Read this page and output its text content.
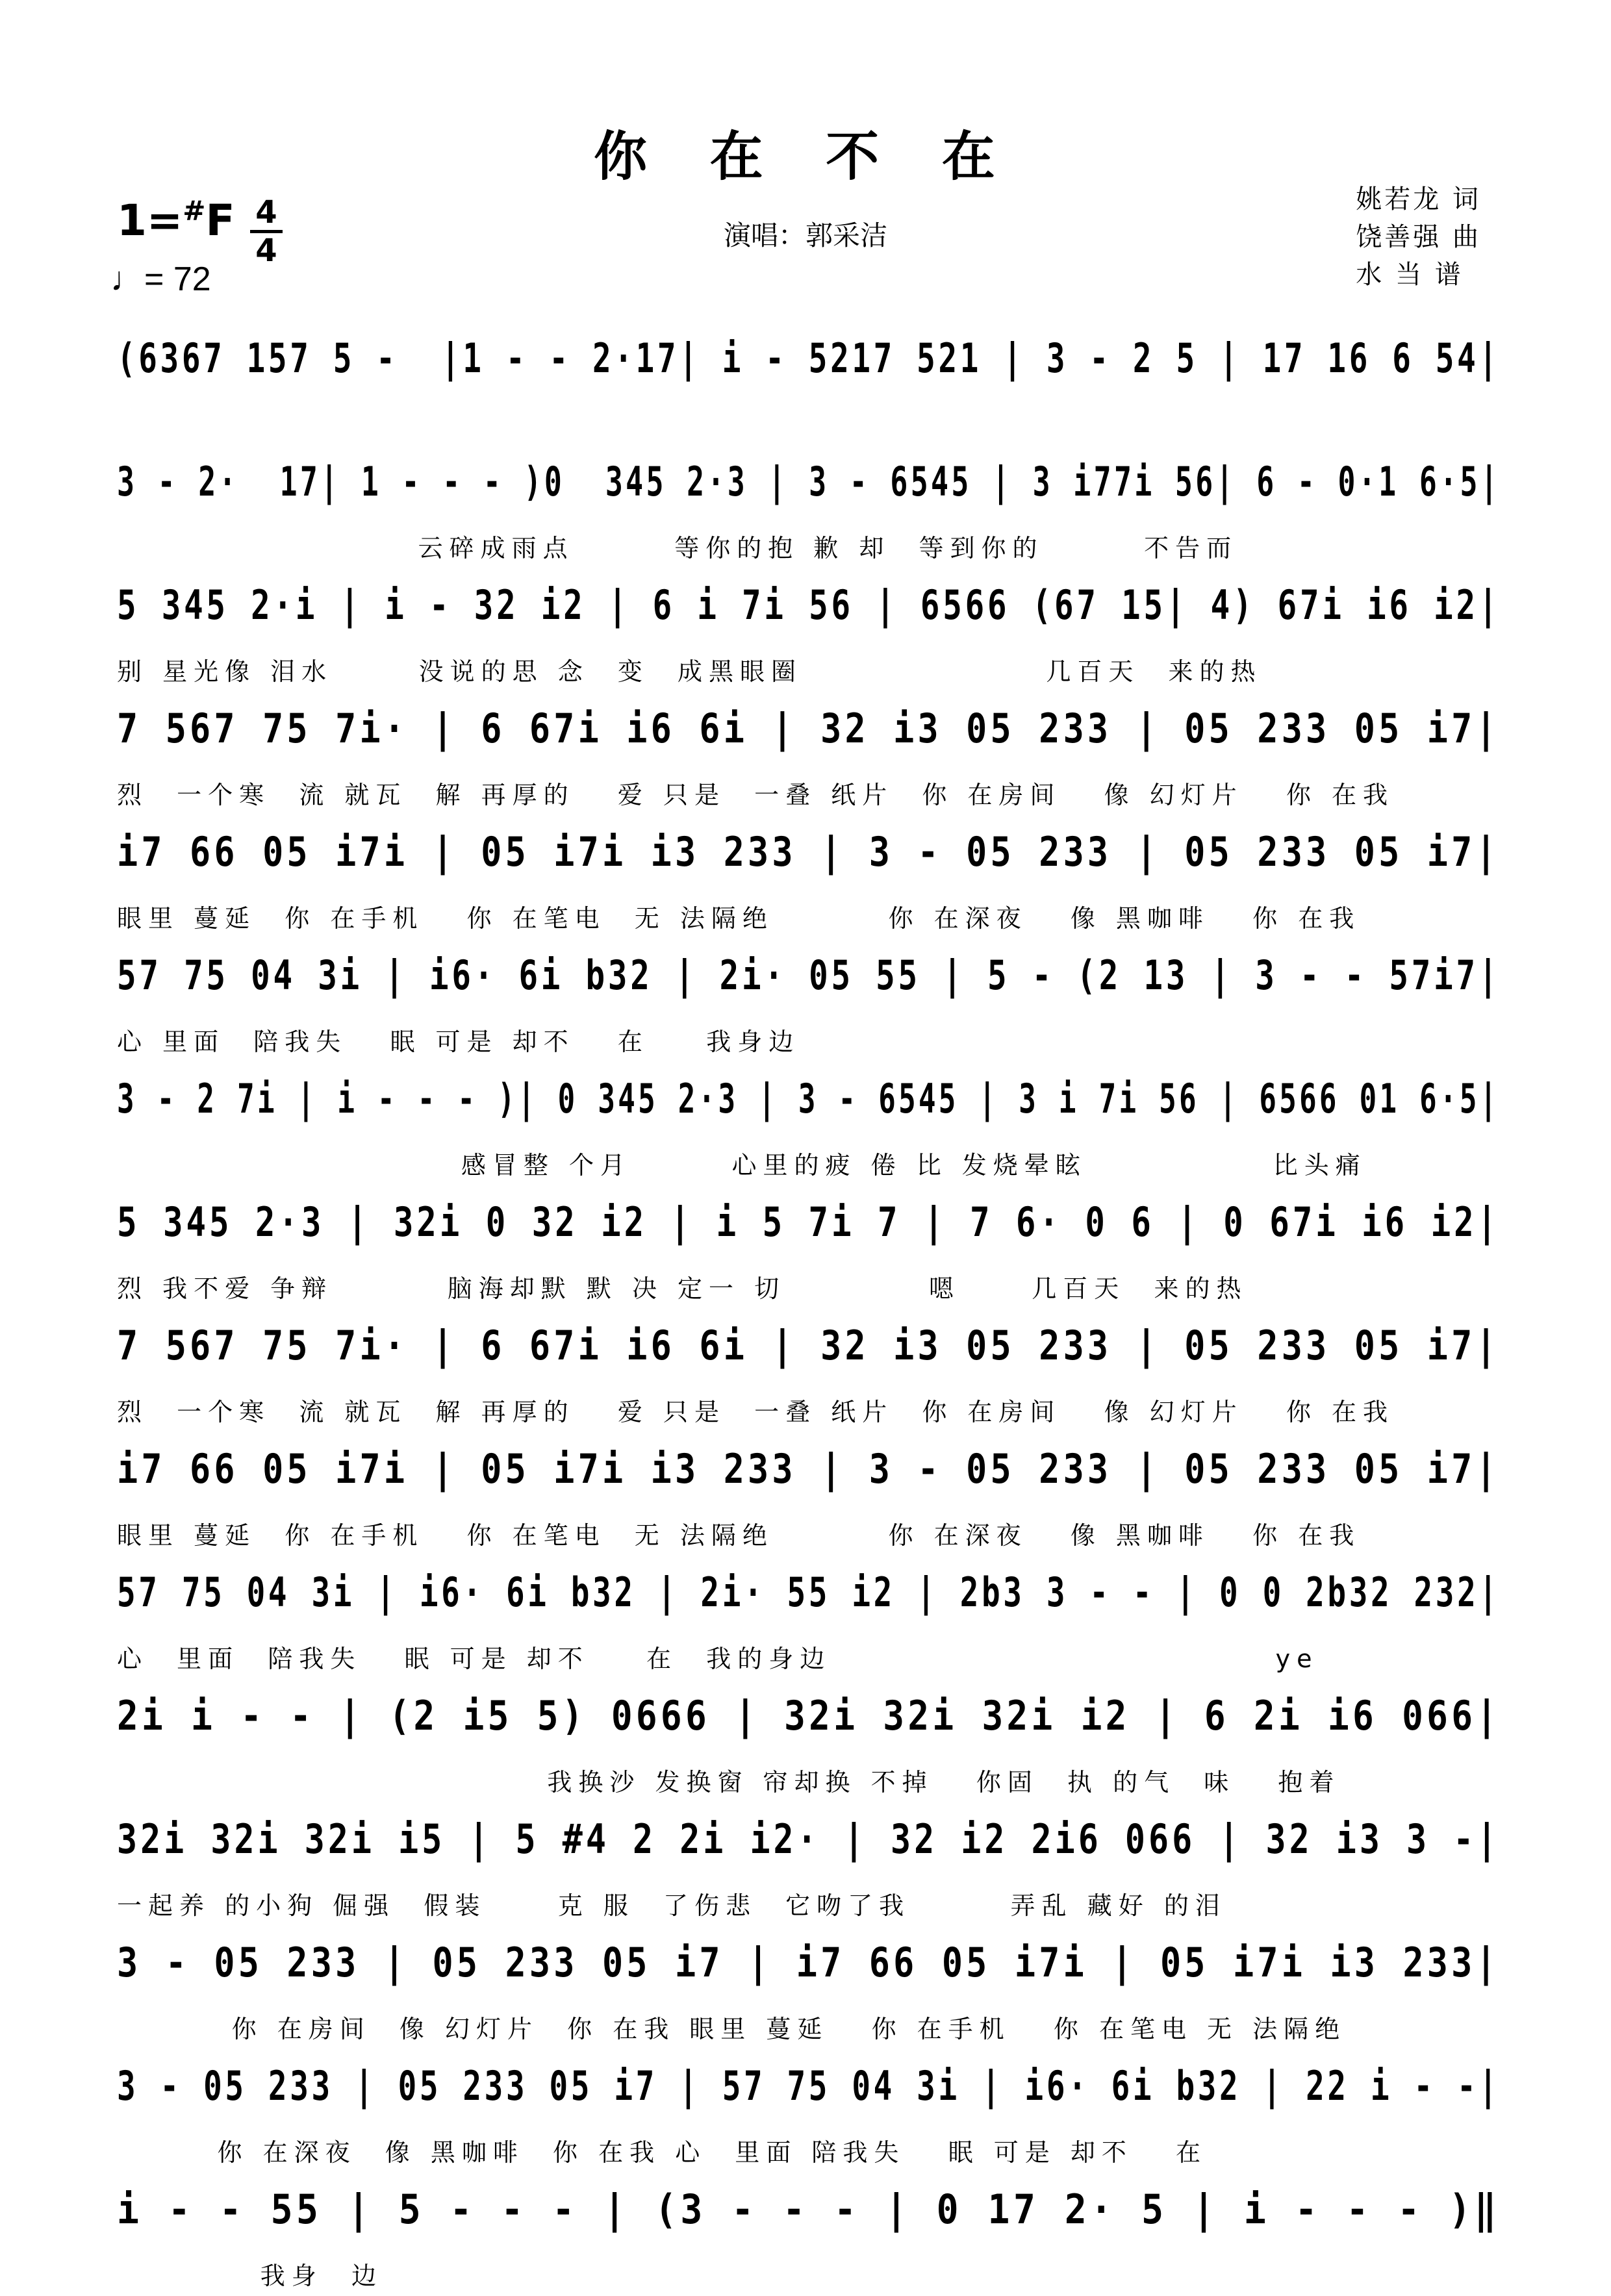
你 在 不 在
1=#F 4
4
♩= 72
演唱：郭采洁
姚若龙 词
饶善强 曲
水 当 谱
(6367 157 5 -  |1 - - 2·17| i - 5217 521 | 3 - 2 5 | 17 16 6 54|
3 - 2·  17| 1 - - - )0  345 2·3 | 3 - 6545 | 3 i77i 56| 6 - 0·1 6·5|
云碎成雨点       等你的抱 歉 却  等到你的       不告而
5 345 2·i | i - 32 i2 | 6 i 7i 56 | 6566 (67 15| 4) 67i i6 i2|
别 星光像 泪水      没说的思 念  变  成黑眼圈                 几百天  来的热
7 567 75 7i· | 6 67i i6 6i | 32 i3 05 233 | 05 233 05 i7|
烈  一个寒  流 就瓦  解 再厚的   爱 只是  一叠 纸片  你 在房间   像 幻灯片   你 在我
i7 66 05 i7i | 05 i7i i3 233 | 3 - 05 233 | 05 233 05 i7|
眼里 蔓延  你 在手机   你 在笔电  无 法隔绝        你 在深夜   像 黑咖啡   你 在我
57 75 04 3i | i6· 6i b32 | 2i· 05 55 | 5 - (2 13 | 3 - - 57i7|
心 里面  陪我失   眠 可是 却不   在    我身边
3 - 2 7i | i - - - )| 0 345 2·3 | 3 - 6545 | 3 i 7i 56 | 6566 01 6·5|
感冒整 个月       心里的疲 倦 比 发烧晕眩             比头痛
5 345 2·3 | 32i 0 32 i2 | i 5 7i 7 | 7 6· 0 6 | 0 67i i6 i2|
烈 我不爱 争辩        脑海却默 默 决 定一 切          嗯     几百天  来的热
7 567 75 7i· | 6 67i i6 6i | 32 i3 05 233 | 05 233 05 i7|
烈  一个寒  流 就瓦  解 再厚的   爱 只是  一叠 纸片  你 在房间   像 幻灯片   你 在我
i7 66 05 i7i | 05 i7i i3 233 | 3 - 05 233 | 05 233 05 i7|
眼里 蔓延  你 在手机   你 在笔电  无 法隔绝        你 在深夜   像 黑咖啡   你 在我
57 75 04 3i | i6· 6i b32 | 2i· 55 i2 | 2b3 3 - - | 0 0 2b32 232|
心  里面  陪我失   眠 可是 却不    在  我的身边                               ye
2i i - - | (2 i5 5) 0666 | 32i 32i 32i i2 | 6 2i i6 066|
我换沙 发换窗 帘却换 不掉   你固  执 的气  味   抱着
32i 32i 32i i5 | 5 #4 2 2i i2· | 32 i2 2i6 066 | 32 i3 3 -|
一起养 的小狗 倔强  假装     克 服  了伤悲  它吻了我       弄乱 藏好 的泪
3 - 05 233 | 05 233 05 i7 | i7 66 05 i7i | 05 i7i i3 233|
你 在房间  像 幻灯片  你 在我 眼里 蔓延   你 在手机   你 在笔电 无 法隔绝
3 - 05 233 | 05 233 05 i7 | 57 75 04 3i | i6· 6i b32 | 22 i - -|
你 在深夜  像 黑咖啡  你 在我 心  里面 陪我失   眠 可是 却不   在
i - - 55 | 5 - - - | (3 - - - | 0 17 2· 5 | i - - - )‖
我身  边
